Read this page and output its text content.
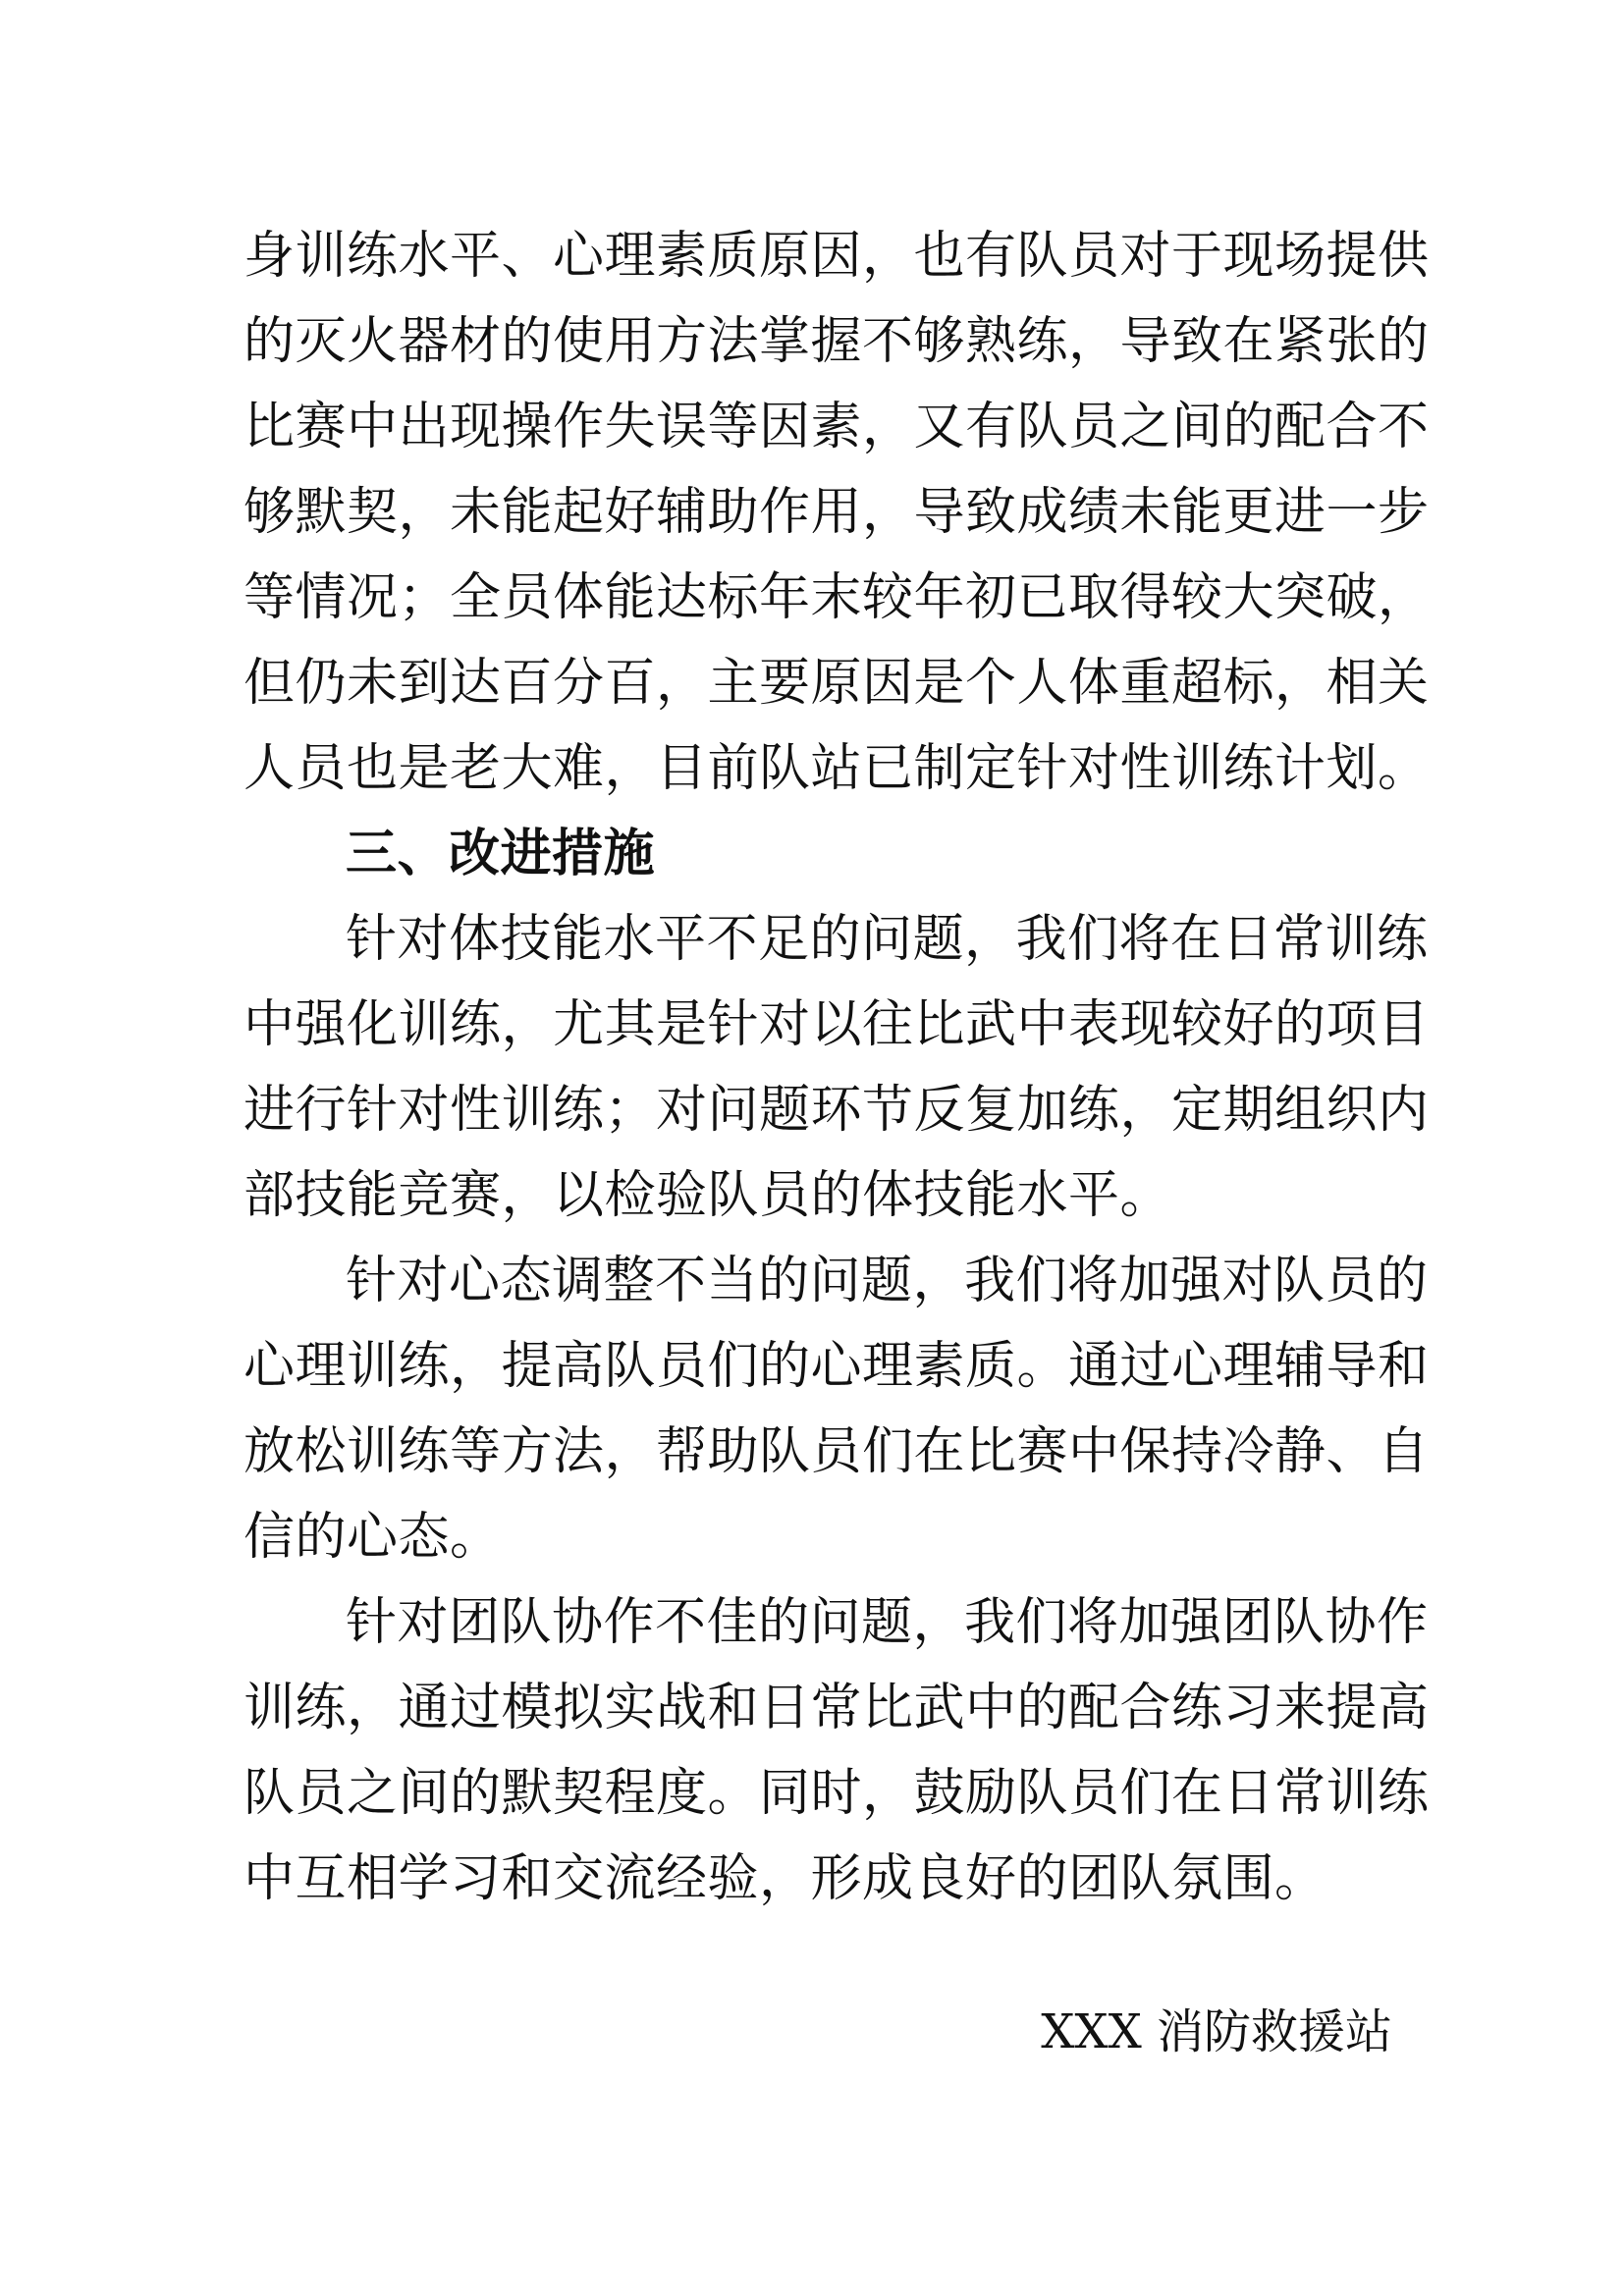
身训练水平、心理素质原因，也有队员对于现场提供
的灭火器材的使用方法掌握不够熟练，导致在紧张的
比赛中出现操作失误等因素，又有队员之间的配合不
够默契，未能起好辅助作用，导致成绩未能更进一步
等情况；全员体能达标年末较年初已取得较大突破，
但仍未到达百分百，主要原因是个人体重超标，相关
人员也是老大难，目前队站已制定针对性训练计划。
三、改进措施
针对体技能水平不足的问题，我们将在日常训练
中强化训练，尤其是针对以往比武中表现较好的项目
进行针对性训练；对问题环节反复加练，定期组织内
部技能竞赛，以检验队员的体技能水平。
针对心态调整不当的问题，我们将加强对队员的
心理训练，提高队员们的心理素质。通过心理辅导和
放松训练等方法，帮助队员们在比赛中保持冷静、自
信的心态。
针对团队协作不佳的问题，我们将加强团队协作
训练，通过模拟实战和日常比武中的配合练习来提高
队员之间的默契程度。同时，鼓励队员们在日常训练
中互相学习和交流经验，形成良好的团队氛围。
XXX 消防救援站
